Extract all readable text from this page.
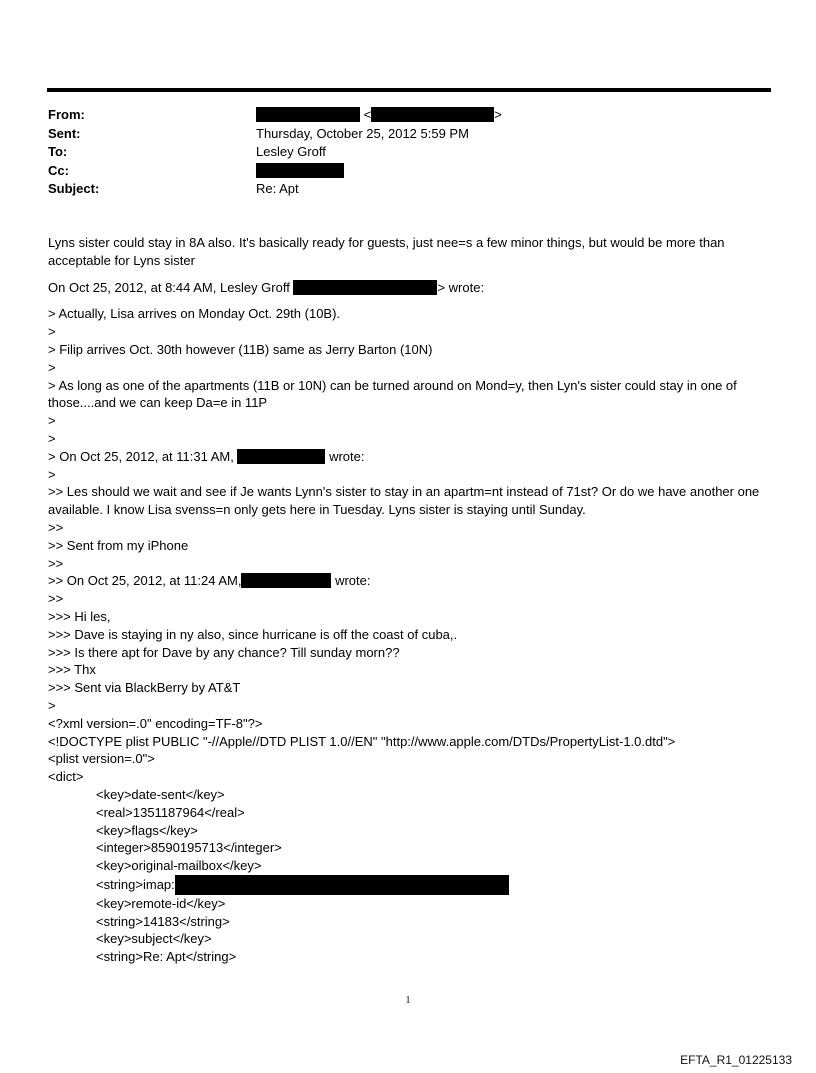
From:	<	>
Sent:	Thursday, October 25, 2012 5:59 PM
To:	Lesley Groff
Cc:
Subject:	Re: Apt

Lyns sister could stay in 8A also. It's basically ready for guests, just nee=s a few minor things, but would be more than acceptable for Lyns sister

On Oct 25, 2012, at 8:44 AM, Lesley Groff	> wrote:
> Actually, Lisa arrives on Monday Oct. 29th (10B).
>
> Filip arrives Oct. 30th however (11B) same as Jerry Barton (10N)
>
> As long as one of the apartments (11B or 10N) can be turned around on Mond=y, then Lyn's sister could stay in one of those....and we can keep Da=e in 11P
>
>
> On Oct 25, 2012, at 11:31 AM,	wrote:
>
>> Les should we wait and see if Je wants Lynn's sister to stay in an apartm=nt instead of 71st? Or do we have another one available. I know Lisa svenss=n only gets here in Tuesday. Lyns sister is staying until Sunday.
>>
>> Sent from my iPhone
>>
>> On Oct 25, 2012, at 11:24 AM,	wrote:
>>
>>> Hi les,
>>> Dave is staying in ny also, since hurricane is off the coast of cuba,.
>>> Is there apt for Dave by any chance? Till sunday morn??
>>> Thx
>>> Sent via BlackBerry by AT&T
>
<?xml version=.0" encoding=TF-8"?>
<!DOCTYPE plist PUBLIC "-//Apple//DTD PLIST 1.0//EN" "http://www.apple.com/DTDs/PropertyList-1.0.dtd">
<plist version=.0">
<dict>
<key>date-sent</key>
<real>1351187964</real>
<key>flags</key>
<integer>8590195713</integer>
<key>original-mailbox</key>
<string>imap:
<key>remote-id</key>
<string>14183</string>
<key>subject</key>
<string>Re: Apt</string>
1
EFTA_R1_01225133
